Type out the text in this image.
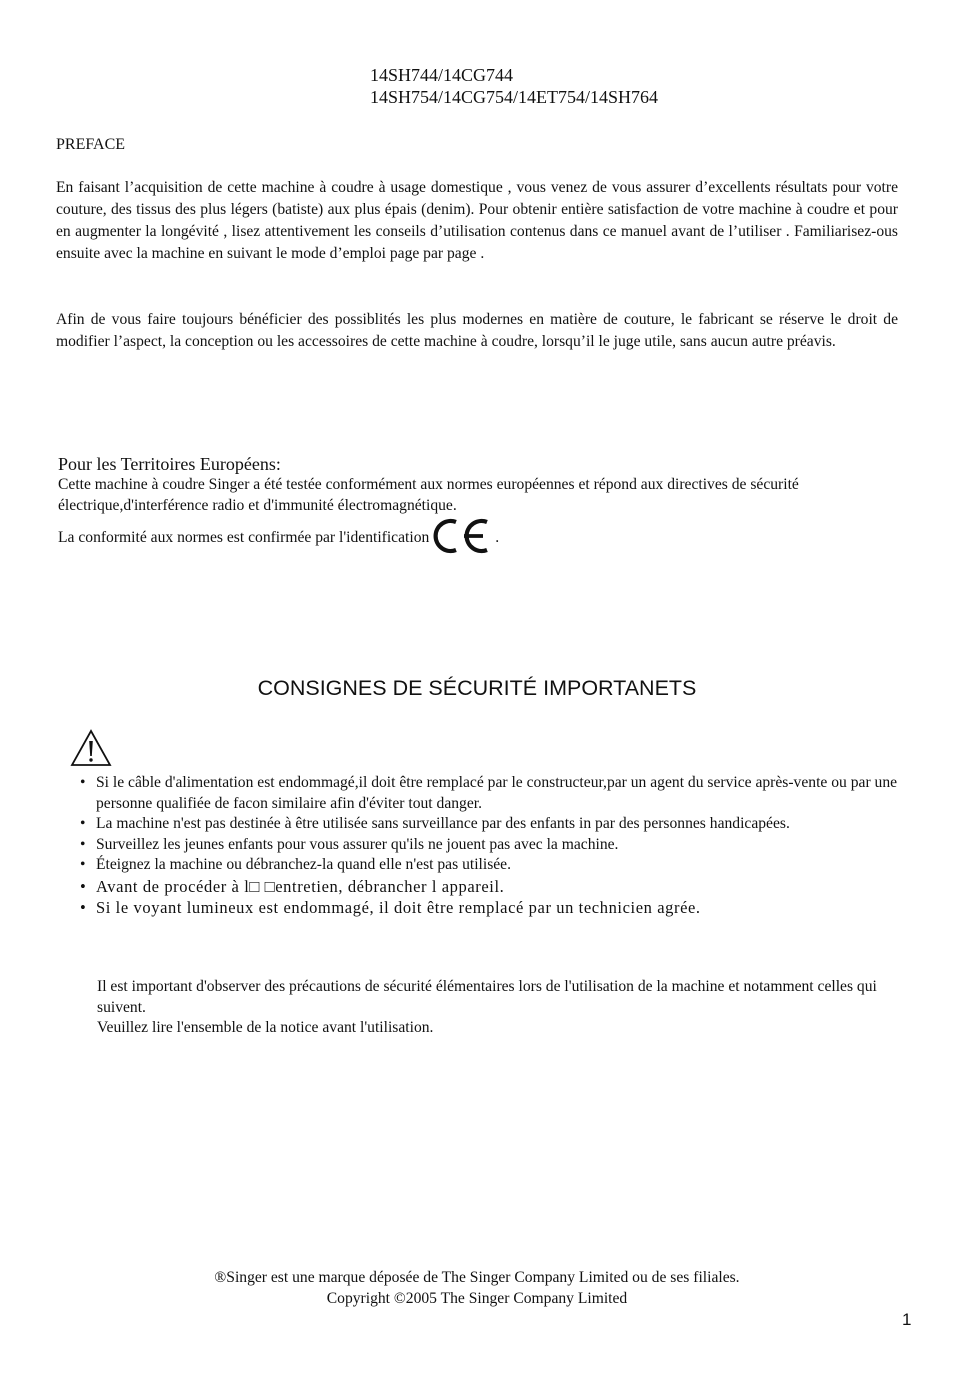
14SH744/14CG744
14SH754/14CG754/14ET754/14SH764
PREFACE

En faisant l’acquisition de cette machine à coudre à usage domestique , vous venez de vous assurer d’excellents résultats pour votre couture, des tissus des plus légers (batiste) aux plus épais (denim). Pour obtenir entière satisfaction de votre machine à coudre et pour en augmenter la longévité , lisez attentivement les conseils d’utilisation contenus dans ce manuel avant de l’utiliser . Familiarisez-ous ensuite avec la machine en suivant le mode d’emploi page par page .

Afin de vous faire toujours bénéficier des possiblités les plus modernes en matière de couture, le fabricant se réserve le droit de modifier l’aspect, la conception ou les accessoires de cette machine à coudre, lorsqu’il le juge utile, sans aucun autre préavis.

Pour les Territoires Européens:
Cette machine à coudre Singer a été testée conformément aux normes européennes et répond aux directives de sécurité électrique,d'interférence radio et d'immunité électromagnétique.
La conformité aux normes est confirmée par l'identification	.
CONSIGNES DE SÉCURITÉ IMPORTANETS
• Si le câble d'alimentation est endommagé,il doit être remplacé par le constructeur,par un agent du service après-vente ou par une personne qualifiée de facon similaire afin d'éviter tout danger.
• La machine n'est pas destinée à être utilisée sans surveillance par des enfants in par des personnes handicapées.
• Surveillez les jeunes enfants pour vous assurer qu'ils ne jouent pas avec la machine.
• Éteignez la machine ou débranchez-la quand elle n'est pas utilisée.
• Avant de procéder à l□ □entretien, débrancher l appareil.
• Si le voyant lumineux est endommagé, il doit être remplacé par un technicien agrée.
Il est important d'observer des précautions de sécurité élémentaires lors de l'utilisation de la machine et notamment celles qui suivent.
Veuillez lire l'ensemble de la notice avant l'utilisation.
®Singer est une marque déposée de The Singer Company Limited ou de ses filiales.
Copyright ©2005 The Singer Company Limited
1
